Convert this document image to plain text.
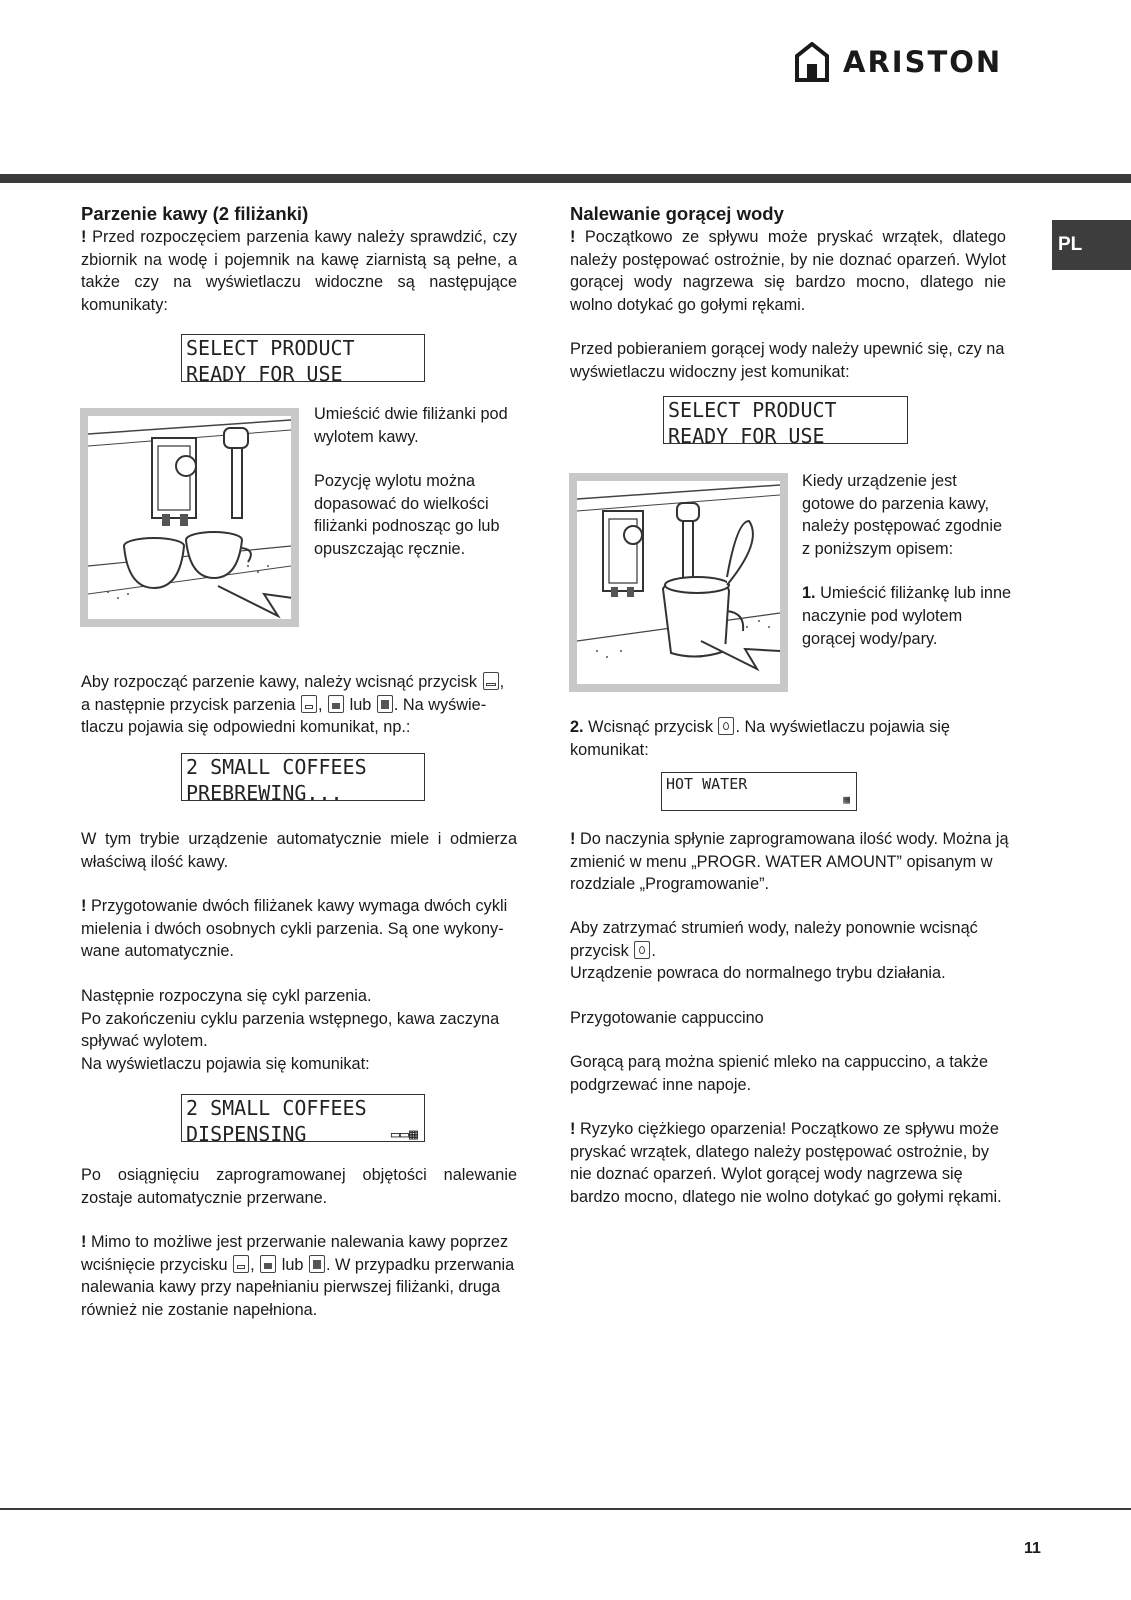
ARISTON
PL
Parzenie kawy (2 filiżanki)
! Przed rozpoczęciem parzenia kawy należy sprawdzić, czy zbiornik na wodę i pojemnik na kawę ziarnistą są pełne, a także czy na wyświetlaczu widoczne są następujące komunikaty:
SELECT PRODUCT
READY FOR USE

Umieścić dwie filiżanki pod wylotem kawy.

Pozycję wylotu można dopasować do wielkości filiżanki podnosząc go lub opuszczając ręcznie.

Aby rozpocząć parzenie kawy, należy wcisnąć przycisk
,
a następnie przycisk parzenia
,
lub
. Na wyświe-
tlaczu pojawia się odpowiedni komunikat, np.:
2 SMALL COFFEES
PREBREWING...
W tym trybie urządzenie automatycznie miele i odmierza właściwą ilość kawy.
! Przygotowanie dwóch filiżanek kawy wymaga dwóch cykli mielenia i dwóch osobnych cykli parzenia. Są one wykony-wane automatycznie.

Następnie rozpoczyna się cykl parzenia.

Po zakończeniu cyklu parzenia wstępnego, kawa zaczyna spływać wylotem.

Na wyświetlaczu pojawia się komunikat:

2 SMALL COFFEES
DISPENSING	▭▭▦
Po osiągnięciu zaprogramowanej objętości nalewanie zostaje automatycznie przerwane.
! Mimo to możliwe jest przerwanie nalewania kawy poprzez wciśnięcie przycisku
,
lub
. W przypadku przerwania nalewania kawy przy napełnianiu pierwszej filiżanki, druga również nie zostanie napełniona.
Nalewanie gorącej wody
! Początkowo ze spływu może pryskać wrzątek, dlatego należy postępować ostrożnie, by nie doznać oparzeń. Wylot gorącej wody nagrzewa się bardzo mocno, dlatego nie wolno dotykać go gołymi rękami.
Przed pobieraniem gorącej wody należy upewnić się, czy na wyświetlaczu widoczny jest komunikat:
SELECT PRODUCT
READY FOR USE

Kiedy urządzenie jest gotowe do parzenia kawy, należy postępować zgodnie z poniższym opisem:

1. Umieścić filiżankę lub inne naczynie pod wylotem gorącej wody/pary.

2. Wcisnąć przycisk
. Na wyświetlaczu pojawia się komunikat:
HOT WATER
▦
! Do naczynia spłynie zaprogramowana ilość wody. Można ją zmienić w menu „PROGR. WATER AMOUNT” opisanym w rozdziale „Programowanie”.
Aby zatrzymać strumień wody, należy ponownie wcisnąć przycisk
.
Urządzenie powraca do normalnego trybu działania.
Przygotowanie cappuccino
Gorącą parą można spienić mleko na cappuccino, a także podgrzewać inne napoje.
! Ryzyko ciężkiego oparzenia! Początkowo ze spływu może pryskać wrzątek, dlatego należy postępować ostrożnie, by nie doznać oparzeń. Wylot gorącej wody nagrzewa się bardzo mocno, dlatego nie wolno dotykać go gołymi rękami.
11
